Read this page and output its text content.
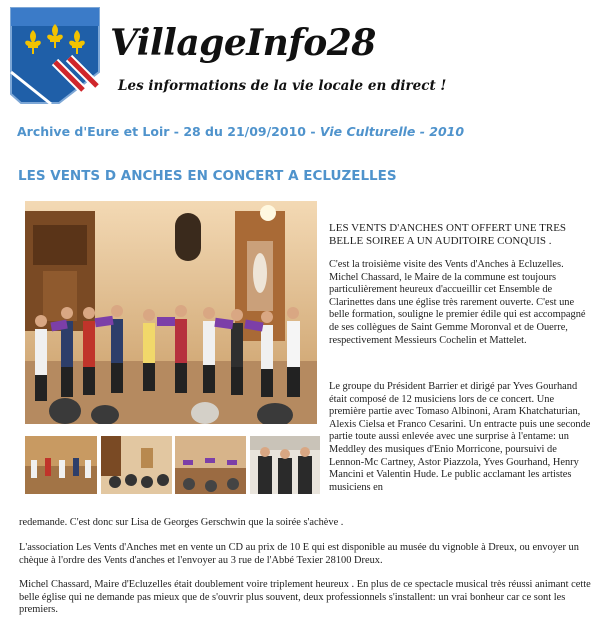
VillageInfo28
Les informations de la vie locale en direct !
Archive d'Eure et Loir - 28 du 21/09/2010 - Vie Culturelle - 2010
LES VENTS D ANCHES EN CONCERT A ECLUZELLES
LES VENTS D'ANCHES ONT OFFERT UNE TRES BELLE SOIREE A UN AUDITOIRE CONQUIS .
C'est la troisième visite des Vents d'Anches à Ecluzelles. Michel Chassard, le Maire de la commune est toujours particulièrement heureux d'accueillir cet Ensemble de Clarinettes dans une église très rarement ouverte. C'est une belle formation, souligne le premier édile qui est accompagné de ses collègues de Saint Gemme Moronval et de Ouerre, respectivement Messieurs Cochelin et Mattelet.
Le groupe du Président Barrier et dirigé par Yves Gourhand était composé de 12 musiciens lors de ce concert. Une première partie avec Tomaso Albinoni, Aram Khatchaturian, Alexis Cielsa et Franco Cesarini. Un entracte puis une seconde partie toute aussi enlevée avec une surprise à l'entame: un Meddley des musiques d'Enio Morricone, poursuivi de Lennon-Mc Cartney, Astor Piazzola, Yves Gourhand, Henry Mancini et Valentin Hude. Le public acclamant les artistes musiciens en
redemande. C'est donc sur Lisa de Georges Gerschwin que la soirée s'achève .
L'association Les Vents d'Anches met en vente un CD au prix de 10 E qui est disponible au musée du vignoble à Dreux, ou envoyer un chèque à l'ordre des Vents d'anches et l'envoyer au 3 rue de l'Abbé Texier 28100 Dreux.
Michel Chassard, Maire d'Ecluzelles était doublement voire triplement heureux . En plus de ce spectacle musical très réussi animant cette belle église qui ne demande pas mieux que de s'ouvrir plus souvent, deux professionnels s'installent: un vrai bonheur car ce sont les premiers.
